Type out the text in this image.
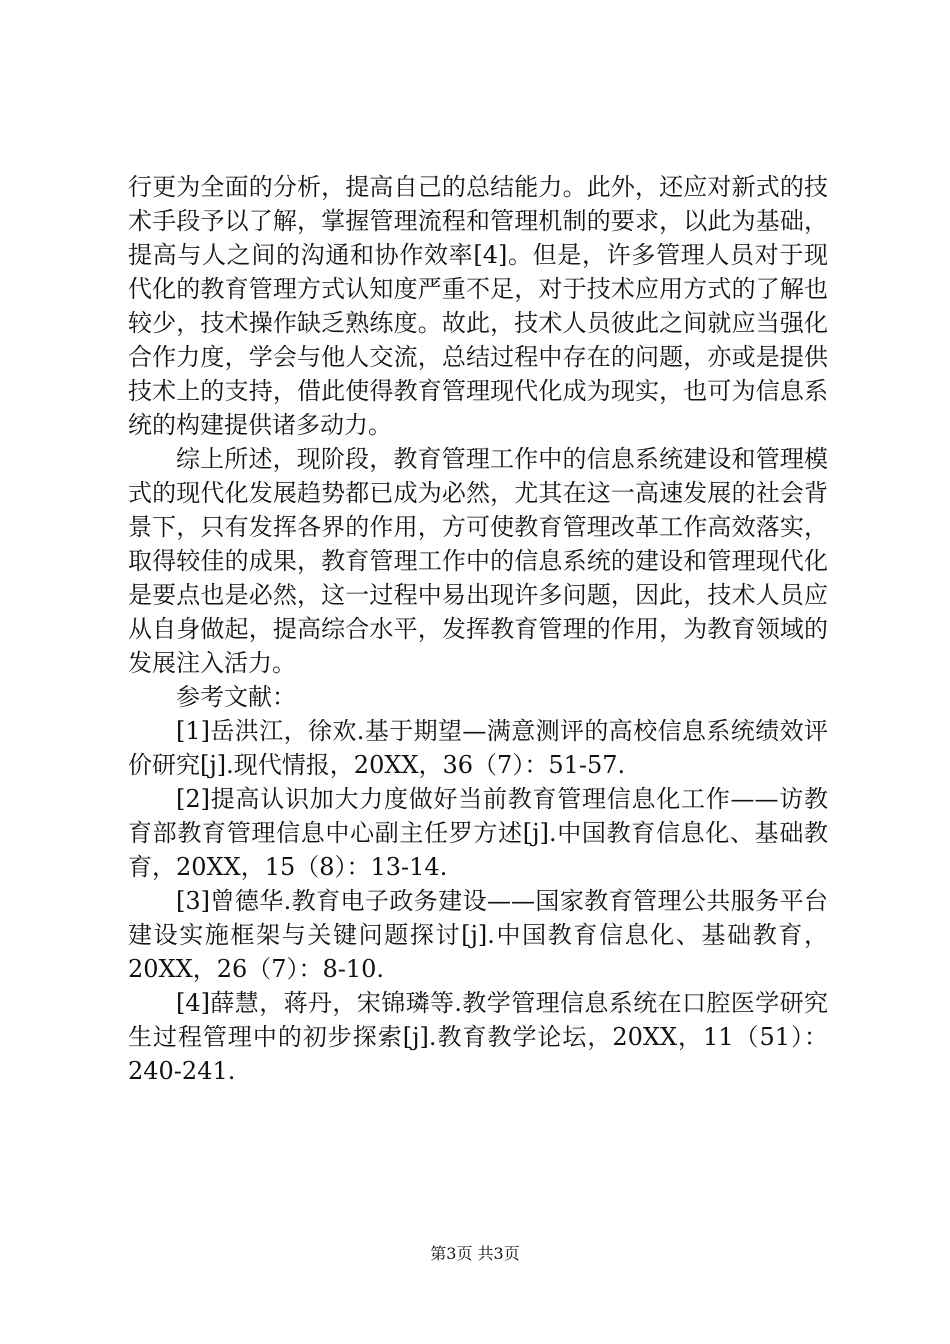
行更为全面的分析，提高自己的总结能力。此外，还应对新式的技术手段予以了解，掌握管理流程和管理机制的要求，以此为基础，提高与人之间的沟通和协作效率[4]。但是，许多管理人员对于现代化的教育管理方式认知度严重不足，对于技术应用方式的了解也较少，技术操作缺乏熟练度。故此，技术人员彼此之间就应当强化合作力度，学会与他人交流，总结过程中存在的问题，亦或是提供技术上的支持，借此使得教育管理现代化成为现实，也可为信息系统的构建提供诸多动力。

综上所述，现阶段，教育管理工作中的信息系统建设和管理模式的现代化发展趋势都已成为必然，尤其在这一高速发展的社会背景下，只有发挥各界的作用，方可使教育管理改革工作高效落实，取得较佳的成果，教育管理工作中的信息系统的建设和管理现代化是要点也是必然，这一过程中易出现许多问题，因此，技术人员应从自身做起，提高综合水平，发挥教育管理的作用，为教育领域的发展注入活力。

参考文献：

[1]岳洪江，徐欢.基于期望—满意测评的高校信息系统绩效评价研究[j].现代情报，20XX，36（7）：51-57.

[2]提高认识加大力度做好当前教育管理信息化工作——访教育部教育管理信息中心副主任罗方述[j].中国教育信息化、基础教育，20XX，15（8）：13-14.

[3]曾德华.教育电子政务建设——国家教育管理公共服务平台建设实施框架与关键问题探讨[j].中国教育信息化、基础教育，20XX，26（7）：8-10.

[4]薛慧，蒋丹，宋锦璘等.教学管理信息系统在口腔医学研究生过程管理中的初步探索[j].教育教学论坛，20XX，11（51）：240-241.

第3页 共3页
